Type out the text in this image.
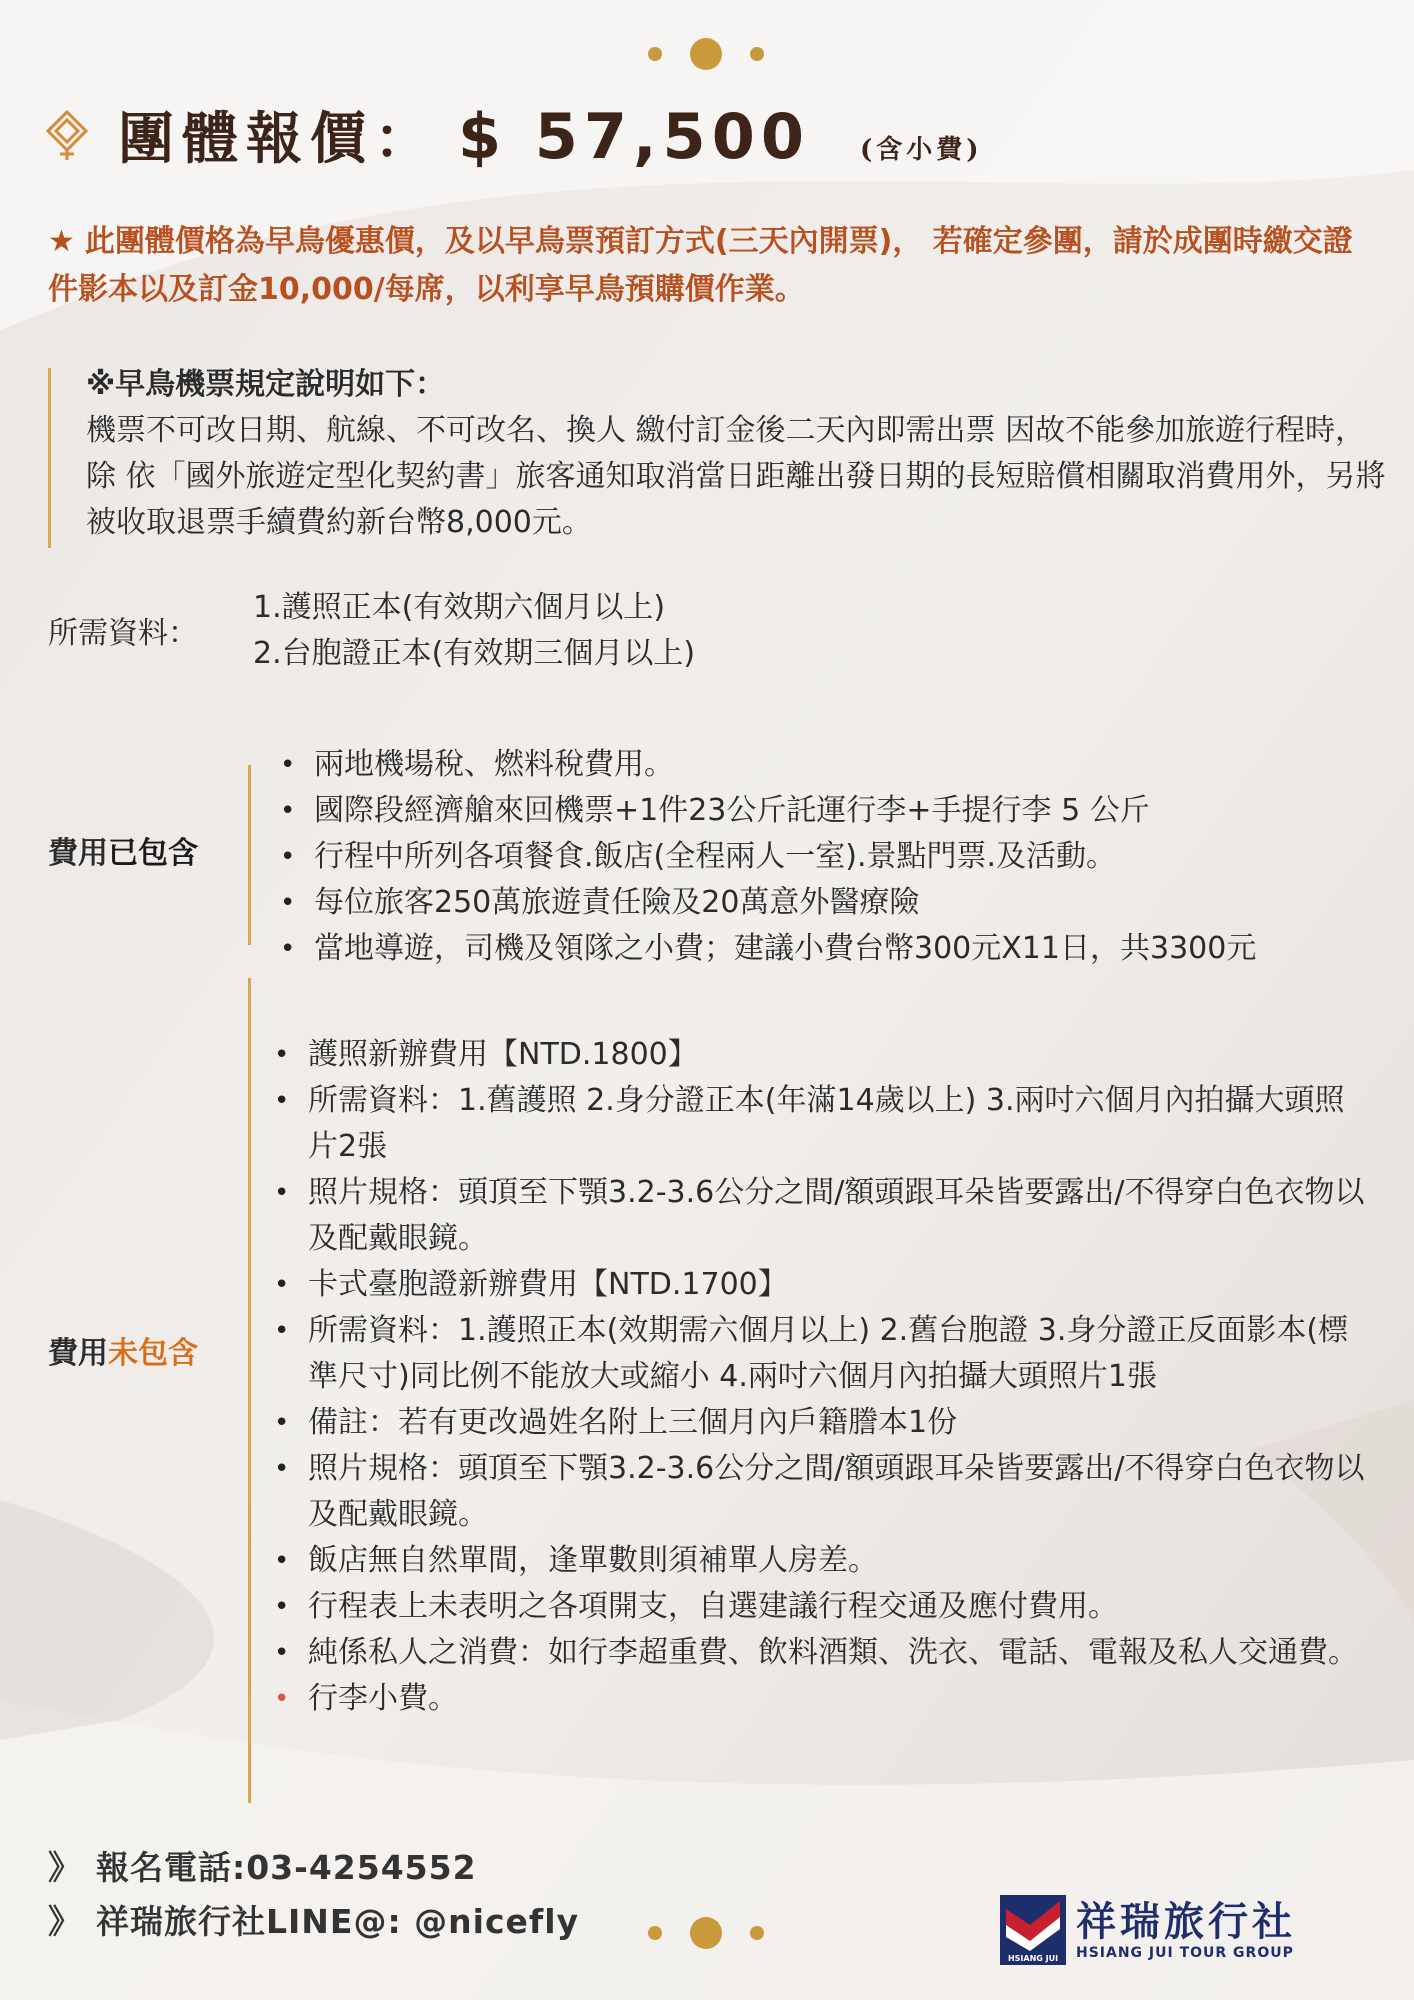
團體報價： $ 57,500 (含小費)
★ 此團體價格為早鳥優惠價，及以早鳥票預訂方式(三天內開票)， 若確定參團，請於成團時繳交證件影本以及訂金10,000/每席，以利享早鳥預購價作業。
※早鳥機票規定說明如下：
機票不可改日期、航線、不可改名、換人 繳付訂金後二天內即需出票 因故不能參加旅遊行程時， 除 依「國外旅遊定型化契約書」旅客通知取消當日距離出發日期的長短賠償相關取消費用外，另將被收取退票手續費約新台幣8,000元。
所需資料：
1.護照正本(有效期六個月以上)
2.台胞證正本(有效期三個月以上)
費用已包含
• 兩地機場稅、燃料稅費用。
• 國際段經濟艙來回機票+1件23公斤託運行李+手提行李 5 公斤
• 行程中所列各項餐食.飯店(全程兩人一室).景點門票.及活動。
• 每位旅客250萬旅遊責任險及20萬意外醫療險
• 當地導遊，司機及領隊之小費；建議小費台幣300元X11日，共3300元
費用未包含
• 護照新辦費用【NTD.1800】
• 所需資料：1.舊護照 2.身分證正本(年滿14歲以上) 3.兩吋六個月內拍攝大頭照片2張
• 照片規格：頭頂至下顎3.2-3.6公分之間/額頭跟耳朵皆要露出/不得穿白色衣物以及配戴眼鏡。
• 卡式臺胞證新辦費用【NTD.1700】
• 所需資料：1.護照正本(效期需六個月以上) 2.舊台胞證 3.身分證正反面影本(標準尺寸)同比例不能放大或縮小 4.兩吋六個月內拍攝大頭照片1張
• 備註：若有更改過姓名附上三個月內戶籍謄本1份
• 照片規格：頭頂至下顎3.2-3.6公分之間/額頭跟耳朵皆要露出/不得穿白色衣物以及配戴眼鏡。
• 飯店無自然單間，逢單數則須補單人房差。
• 行程表上未表明之各項開支，自選建議行程交通及應付費用。
• 純係私人之消費：如行李超重費、飲料酒類、洗衣、電話、電報及私人交通費。
• 行李小費。
》 報名電話:03-4254552
》 祥瑞旅行社LINE@: @nicefly
HSIANG JUI
祥瑞旅行社
HSIANG JUI TOUR GROUP
